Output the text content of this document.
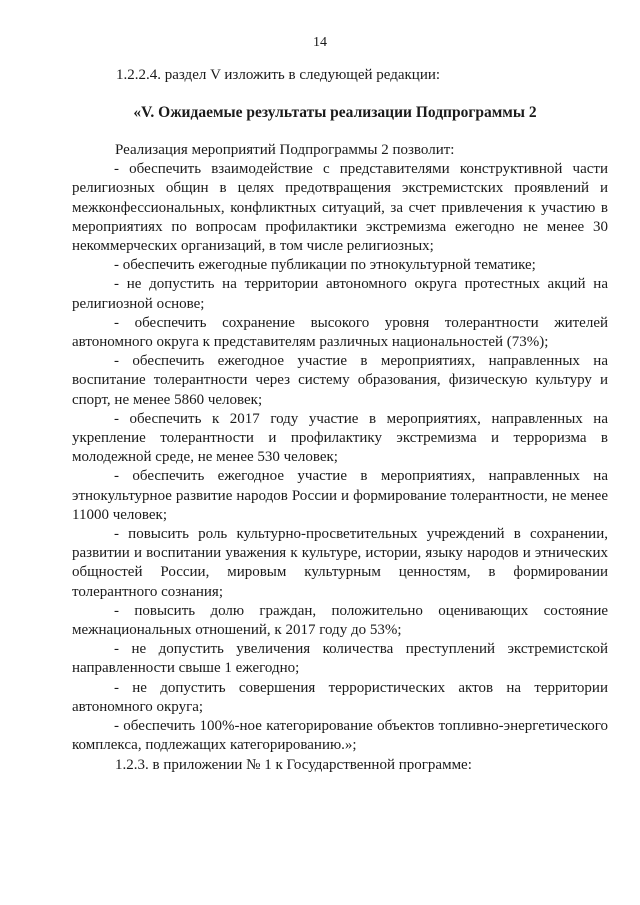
14
1.2.2.4. раздел V изложить в следующей редакции:
«V. Ожидаемые результаты реализации Подпрограммы 2

Реализация мероприятий Подпрограммы 2 позволит:

- обеспечить взаимодействие с представителями конструктивной части религиозных общин в целях предотвращения экстремистских проявлений и межконфессиональных, конфликтных ситуаций, за счет привлечения к участию в мероприятиях по вопросам профилактики экстремизма ежегодно не менее 30 некоммерческих организаций, в том числе религиозных;

- обеспечить ежегодные публикации по этнокультурной тематике;

- не допустить на территории автономного округа протестных акций на религиозной основе;

- обеспечить сохранение высокого уровня толерантности жителей автономного округа к представителям различных национальностей (73%);

- обеспечить ежегодное участие в мероприятиях, направленных на воспитание толерантности через систему образования, физическую культуру и спорт, не менее 5860 человек;

- обеспечить к 2017 году участие в мероприятиях, направленных на укрепление толерантности и профилактику экстремизма и терроризма в молодежной среде, не менее 530 человек;

- обеспечить ежегодное участие в мероприятиях, направленных на этнокультурное развитие народов России и формирование толерантности, не менее 11000 человек;

- повысить роль культурно-просветительных учреждений в сохранении, развитии и воспитании уважения к культуре, истории, языку народов и этнических общностей России, мировым культурным ценностям, в формировании толерантного сознания;

- повысить долю граждан, положительно оценивающих состояние межнациональных отношений, к 2017 году до 53%;

- не допустить увеличения количества преступлений экстремистской направленности свыше 1 ежегодно;

- не допустить совершения террористических актов на территории автономного округа;

- обеспечить 100%-ное категорирование объектов топливно-энергетического комплекса, подлежащих категорированию.»;

1.2.3. в приложении № 1 к Государственной программе:
